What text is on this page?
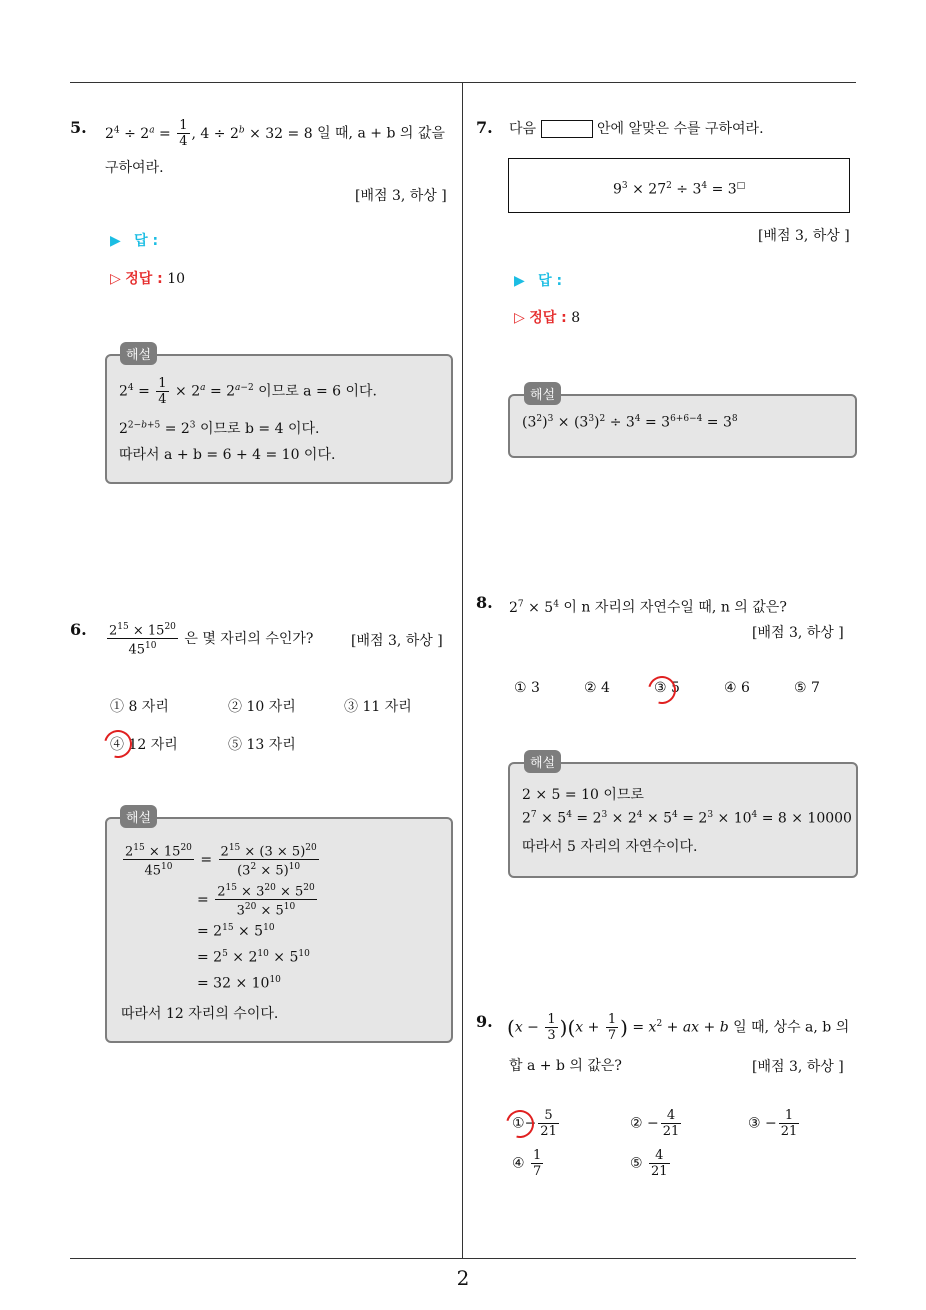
2
5. $2^4 \div 2^a = \frac{1}{4}$ , $4 \div 2^b \times 32 = 8$ 일 때, a + b 의 값을
구하여라.
[배점 3, 하상 ]
▶ 답 :
▷ 정답 : 10
$2^4 = \frac{1}{4} \times 2^a = 2^{a-2}$ 이므로 a = 6 이다.
$2^{2-b+5} = 2^3$ 이므로 b = 4 이다.
따라서 a + b = 6 + 4 = 10 이다.
해설
6. $\frac{2^{15} \times 15^{20}}{45^{10}}$ 은 몇 자리의 수인가?	[배점 3, 하상 ]
① 8 자리	② 10 자리	③ 11 자리
④ 12 자리	⑤ 13 자리
$\frac{2^{15} \times 15^{20}}{45^{10}} = \frac{2^{15} \times (3 \times 5)^{20}}{(3^2 \times 5)^{10}}$
= $\frac{2^{15} \times 3^{20} \times 5^{20}}{3^{20} \times 5^{10}}$
= $2^{15} \times 5^{10}$
= $2^5 \times 2^{10} \times 5^{10}$
= $32 \times 10^{10}$
따라서 12 자리의 수이다.
해설
7. 다음	안에 알맞은 수를 구하여라.
$9^3 \times 27^2 \div 3^4 = 3^□$
[배점 3, 하상 ]
▶ 답 :
▷ 정답 : 8
$(3^2)^3 \times (3^3)^2 \div 3^4 = 3^{6+6-4} = 3^8$
해설
8. $2^7 \times 5^4$ 이 n 자리의 자연수일 때, n 의 값은?
[배점 3, 하상 ]
① 3	② 4	③ 5	④ 6	⑤ 7
2 × 5 = 10 이므로
$2^7 \times 5^4 = 2^3 \times 2^4 \times 5^4 = 2^3 \times 10^4 = 8 \times 10000$
따라서 5 자리의 자연수이다.
해설
9. $(x - \frac{1}{3} )(x + \frac{1}{7}$ ) = $x^2$ + ax + b 일 때, 상수 a, b 의
합 a + b 의 값은?	[배점 3, 하상 ]
①− $\frac{5}{21}$	② − $\frac{4}{21}$	③ − $\frac{1}{21}$
④ $\frac{1}{7}$	⑤ $\frac{4}{21}$
